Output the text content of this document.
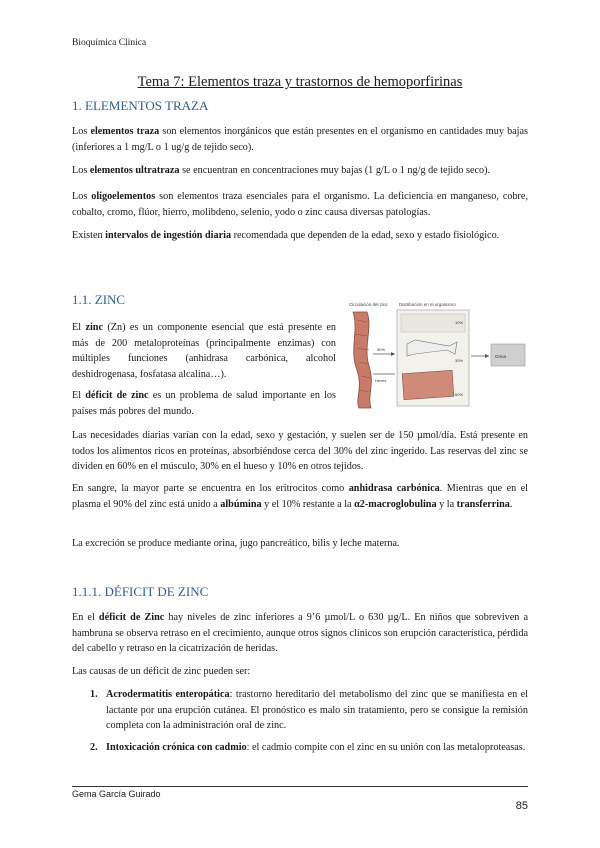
Bioquímica Clínica
Tema 7: Elementos traza y trastornos de hemoporfirinas
1. ELEMENTOS TRAZA
Los elementos traza son elementos inorgánicos que están presentes en el organismo en cantidades muy bajas (inferiores a 1 mg/L o 1 ug/g de tejido seco).
Los elementos ultratraza se encuentran en concentraciones muy bajas (1 g/L o 1 ng/g de tejido seco).
Los oligoelementos son elementos traza esenciales para el organismo. La deficiencia en manganeso, cobre, cobalto, cromo, flúor, hierro, molibdeno, selenio, yodo o zinc causa diversas patologías.
Existen intervalos de ingestión diaria recomendada que dependen de la edad, sexo y estado fisiológico.
1.1. ZINC
El zinc (Zn) es un componente esencial que está presente en más de 200 metaloproteínas (principalmente enzimas) con múltiples funciones (anhidrasa carbónica, alcohol deshidrogenasa, fosfatasa alcalina…).
El déficit de zinc es un problema de salud importante en los países más pobres del mundo.
Circulación del zinc Distribución en el organismo
10%
30%
60%
30%
Heces
Orina
Las necesidades diarias varían con la edad, sexo y gestación, y suelen ser de 150 µmol/día. Está presente en todos los alimentos ricos en proteínas, absorbiéndose cerca del 30% del zinc ingerido. Las reservas del zinc se dividen en 60% en el músculo, 30% en el hueso y 10% en otros tejidos.
En sangre, la mayor parte se encuentra en los eritrocitos como anhidrasa carbónica. Mientras que en el plasma el 90% del zinc está unido a albúmina y el 10% restante a la α2-macroglobulina y la transferrina.
La excreción se produce mediante orina, jugo pancreático, bilis y leche materna.
1.1.1. DÉFICIT DE ZINC
En el déficit de Zinc hay niveles de zinc inferiores a 9’6 µmol/L o 630 µg/L. En niños que sobreviven a hambruna se observa retraso en el crecimiento, aunque otros signos clínicos son erupción característica, pérdida del cabello y retraso en la cicatrización de heridas.
Las causas de un déficit de zinc pueden ser:
1. Acrodermatitis enteropática: trastorno hereditario del metabolismo del zinc que se manifiesta en el lactante por una erupción cutánea. El pronóstico es malo sin tratamiento, pero se consigue la remisión completa con la administración oral de zinc.
2. Intoxicación crónica con cadmio: el cadmio compite con el zinc en su unión con las metaloproteasas.
Gema García Guirado
85
